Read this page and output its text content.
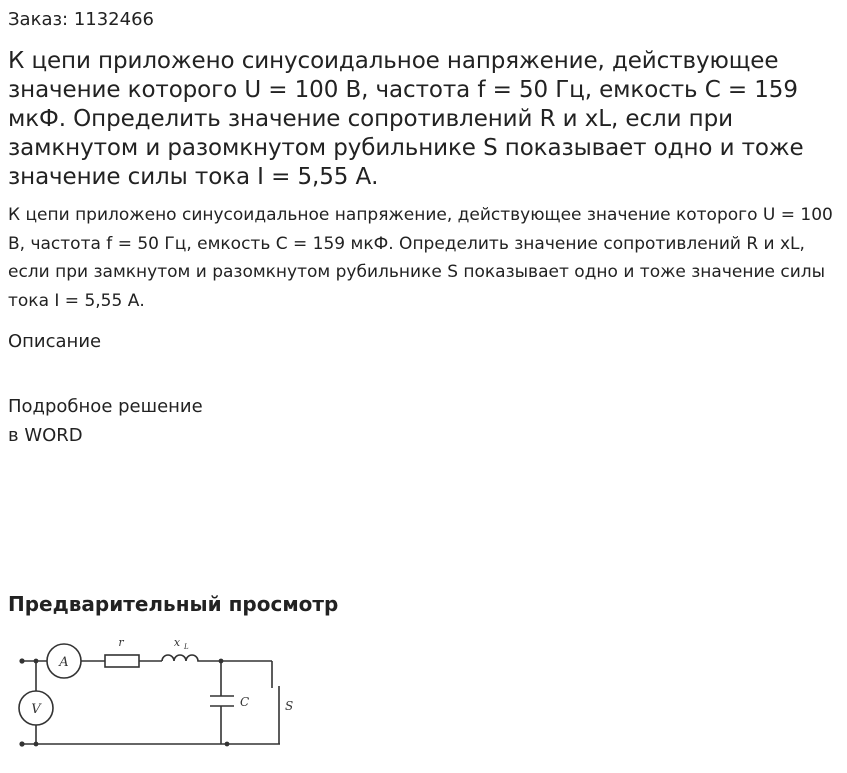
Заказ: 1132466
К цепи приложено синусоидальное напряжение, действующее значение которого U = 100 В, частота f = 50 Гц, емкость С = 159 мкФ. Определить значение сопротивлений R и xL, если при замкнутом и разомкнутом рубильнике S показывает одно и тоже значение силы тока I = 5,55 А.

К цепи приложено синусоидальное напряжение, действующее значение которого U = 100 В, частота f = 50 Гц, емкость С = 159 мкФ. Определить значение сопротивлений R и xL, если при замкнутом и разомкнутом рубильнике S показывает одно и тоже значение силы тока I = 5,55 А.

Описание
Подробное решение
в WORD
Предварительный просмотр
A
V
r	x L
C	S
